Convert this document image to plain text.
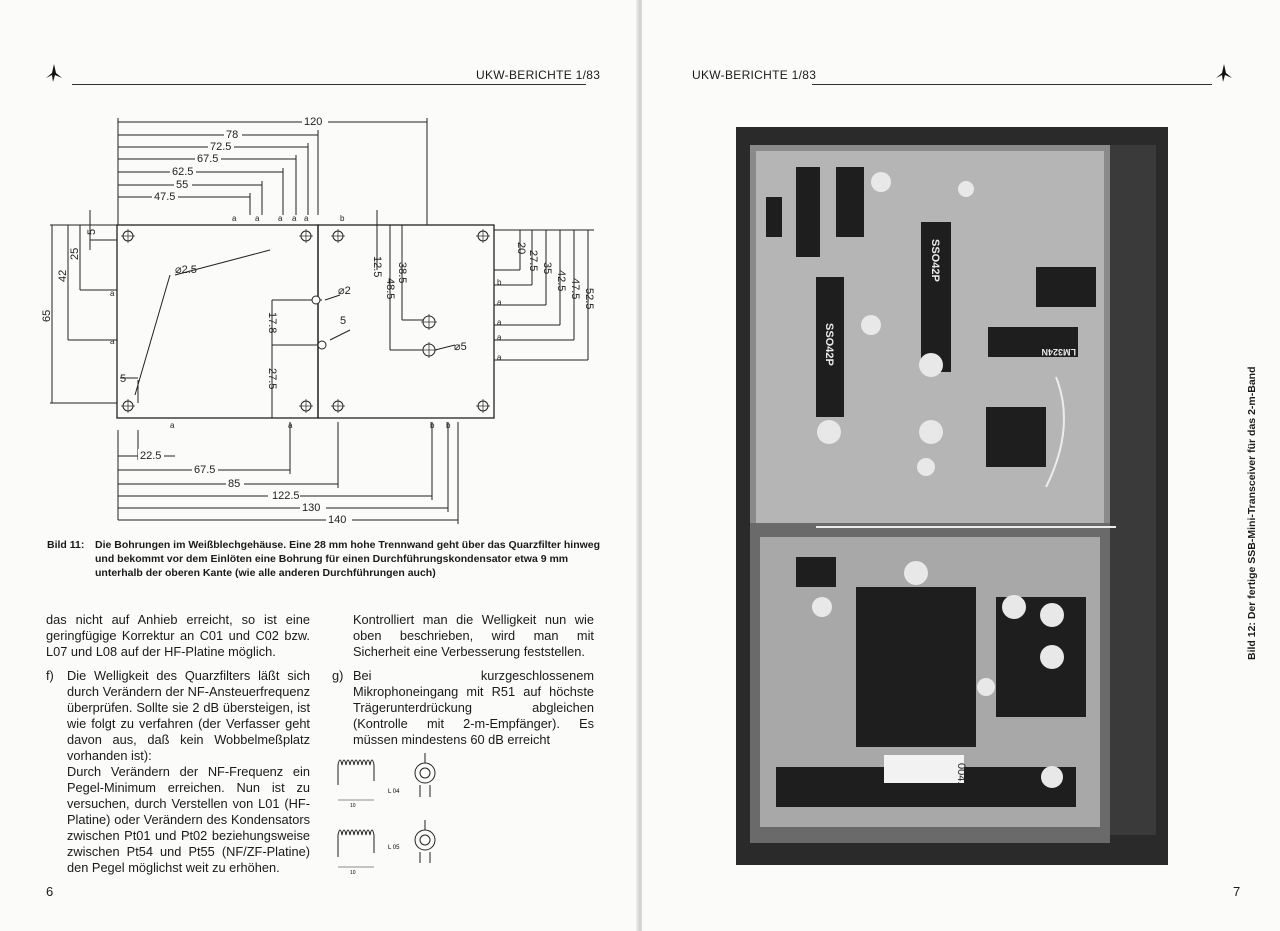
UKW-BERICHTE 1/83
a a a a a	b
a
a
a	a	b b
b
a
a
a
a
120
78
72.5
67.5
62.5
55
47.5
22.5
67.5
85
122.5
130
140
65
42
25
5
5
20
27.5 35
42.5 47.5 52.5
12.5
48.5
38.5
17.8
27.5
5
⌀2.5
⌀2
⌀5
Bild 11:	Die Bohrungen im Weißblechgehäuse. Eine 28 mm hohe Trennwand geht über das Quarzfilter hinweg und bekommt vor dem Einlöten eine Bohrung für einen Durchführungskondensator etwa 9 mm unterhalb der oberen Kante (wie alle anderen Durchführungen auch)

das nicht auf Anhieb erreicht, so ist eine geringfügige Korrektur an C01 und C02 bzw. L07 und L08 auf der HF-Platine möglich.

f) Die Welligkeit des Quarzfilters läßt sich durch Verändern der NF-Ansteuerfrequenz überprüfen. Sollte sie 2 dB übersteigen, ist wie folgt zu verfahren (der Verfasser geht davon aus, daß kein Wobbelmeßplatz vorhanden ist):

Durch Verändern der NF-Frequenz ein Pegel-Minimum erreichen. Nun ist zu versuchen, durch Verstellen von L01 (HF-Platine) oder Verändern des Kondensators zwischen Pt01 und Pt02 beziehungsweise zwischen Pt54 und Pt55 (NF/ZF-Platine) den Pegel möglichst weit zu erhöhen.

Kontrolliert man die Welligkeit nun wie oben beschrieben, wird man mit Sicherheit eine Verbesserung feststellen.

g) Bei kurzgeschlossenem Mikrophoneingang mit R51 auf höchste Trägerunterdrückung abgleichen (Kontrolle mit 2-m-Empfänger). Es müssen mindestens 60 dB erreicht

L 04
L 05
10
10
6
UKW-BERICHTE 1/83
7
SSO42P
SSO42P	LM324N
004.
Bild 12: Der fertige SSB-Mini-Transceiver für das 2-m-Band
